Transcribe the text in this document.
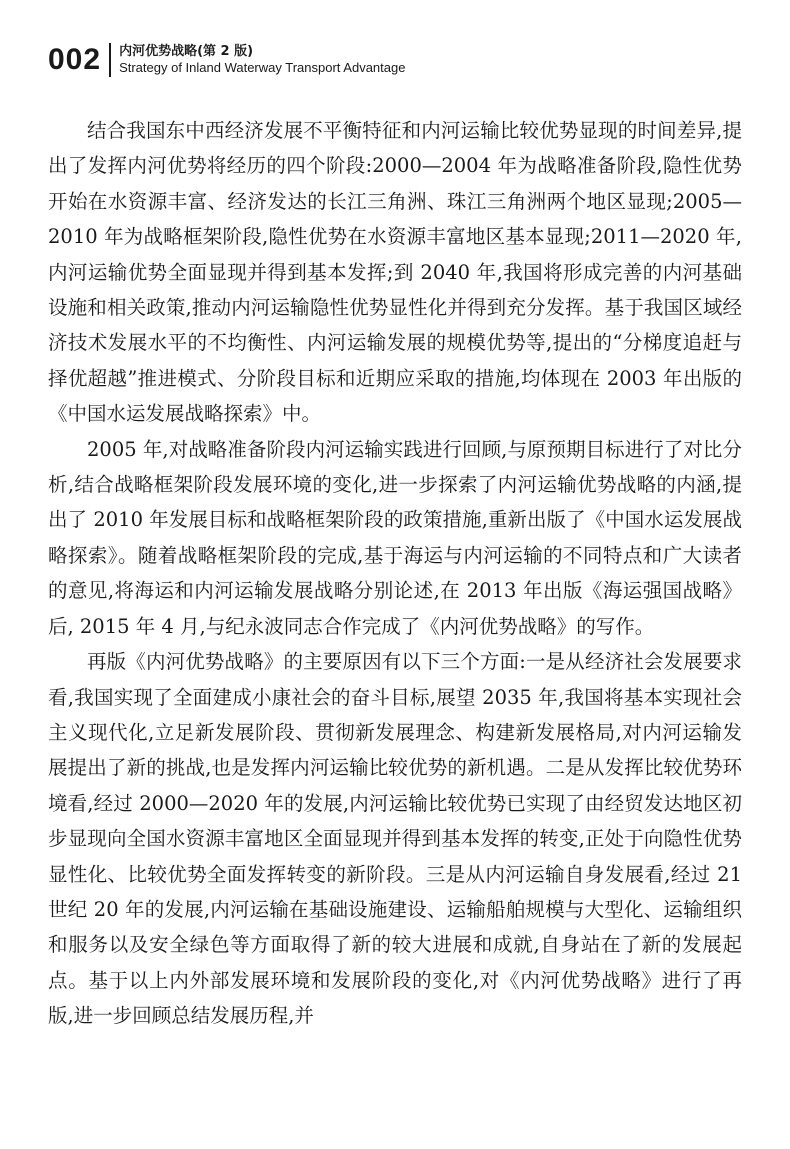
002 内河优势战略(第 2 版)
Strategy of Inland Waterway Transport Advantage

结合我国东中西经济发展不平衡特征和内河运输比较优势显现的时间差异,提出了发挥内河优势将经历的四个阶段:2000—2004 年为战略准备阶段,隐性优势开始在水资源丰富、经济发达的长江三角洲、珠江三角洲两个地区显现;2005—2010 年为战略框架阶段,隐性优势在水资源丰富地区基本显现;2011—2020 年,内河运输优势全面显现并得到基本发挥;到 2040 年,我国将形成完善的内河基础设施和相关政策,推动内河运输隐性优势显性化并得到充分发挥。基于我国区域经济技术发展水平的不均衡性、内河运输发展的规模优势等,提出的“分梯度追赶与择优超越”推进模式、分阶段目标和近期应采取的措施,均体现在 2003 年出版的《中国水运发展战略探索》中。

2005 年,对战略准备阶段内河运输实践进行回顾,与原预期目标进行了对比分析,结合战略框架阶段发展环境的变化,进一步探索了内河运输优势战略的内涵,提出了 2010 年发展目标和战略框架阶段的政策措施,重新出版了《中国水运发展战略探索》。随着战略框架阶段的完成,基于海运与内河运输的不同特点和广大读者的意见,将海运和内河运输发展战略分别论述,在 2013 年出版《海运强国战略》后, 2015 年 4 月,与纪永波同志合作完成了《内河优势战略》的写作。

再版《内河优势战略》的主要原因有以下三个方面:一是从经济社会发展要求看,我国实现了全面建成小康社会的奋斗目标,展望 2035 年,我国将基本实现社会主义现代化,立足新发展阶段、贯彻新发展理念、构建新发展格局,对内河运输发展提出了新的挑战,也是发挥内河运输比较优势的新机遇。二是从发挥比较优势环境看,经过 2000—2020 年的发展,内河运输比较优势已实现了由经贸发达地区初步显现向全国水资源丰富地区全面显现并得到基本发挥的转变,正处于向隐性优势显性化、比较优势全面发挥转变的新阶段。三是从内河运输自身发展看,经过 21 世纪 20 年的发展,内河运输在基础设施建设、运输船舶规模与大型化、运输组织和服务以及安全绿色等方面取得了新的较大进展和成就,自身站在了新的发展起点。基于以上内外部发展环境和发展阶段的变化,对《内河优势战略》进行了再版,进一步回顾总结发展历程,并
